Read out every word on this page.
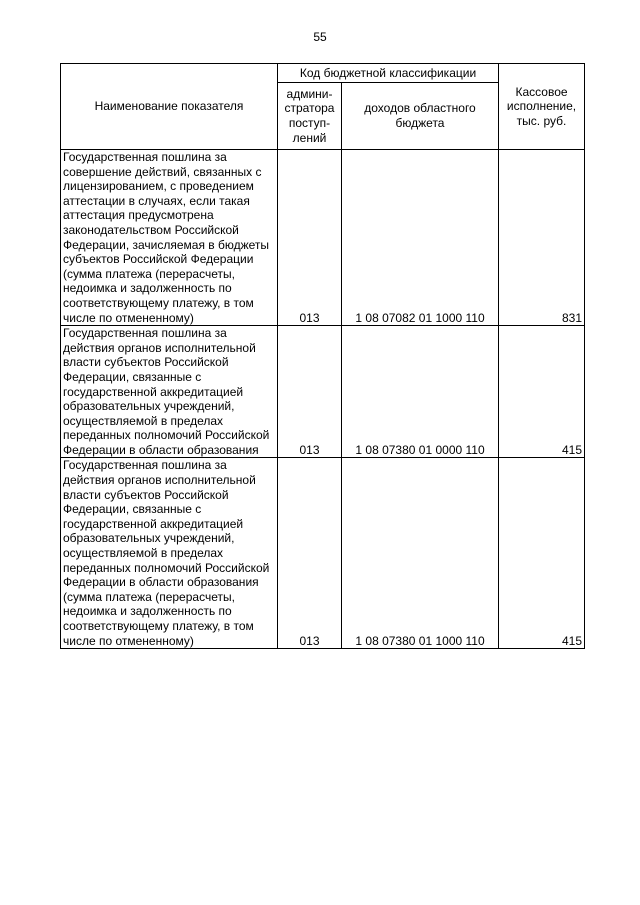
55
Наименование показателя	Код бюджетной классификации		Кассовое исполнение, тыс. руб.
	админи-стратора поступ-лений	доходов областного бюджета	
Государственная пошлина за совершение действий, связанных с лицензированием, с проведением аттестации в случаях, если такая аттестация предусмотрена законодательством Российской Федерации, зачисляемая в бюджеты субъектов Российской Федерации (сумма платежа (перерасчеты, недоимка и задолженность по соответствующему платежу, в том числе по отмененному)	013	1 08 07082 01 1000 110	831
Государственная пошлина за действия органов исполнительной власти субъектов Российской Федерации, связанные с государственной аккредитацией образовательных учреждений, осуществляемой в пределах переданных полномочий Российской Федерации в области образования	013	1 08 07380 01 0000 110	415
Государственная пошлина за действия органов исполнительной власти субъектов Российской Федерации, связанные с государственной аккредитацией образовательных учреждений, осуществляемой в пределах переданных полномочий Российской Федерации в области образования (сумма платежа (перерасчеты, недоимка и задолженность по соответствующему платежу, в том числе по отмененному)	013	1 08 07380 01 1000 110	415
